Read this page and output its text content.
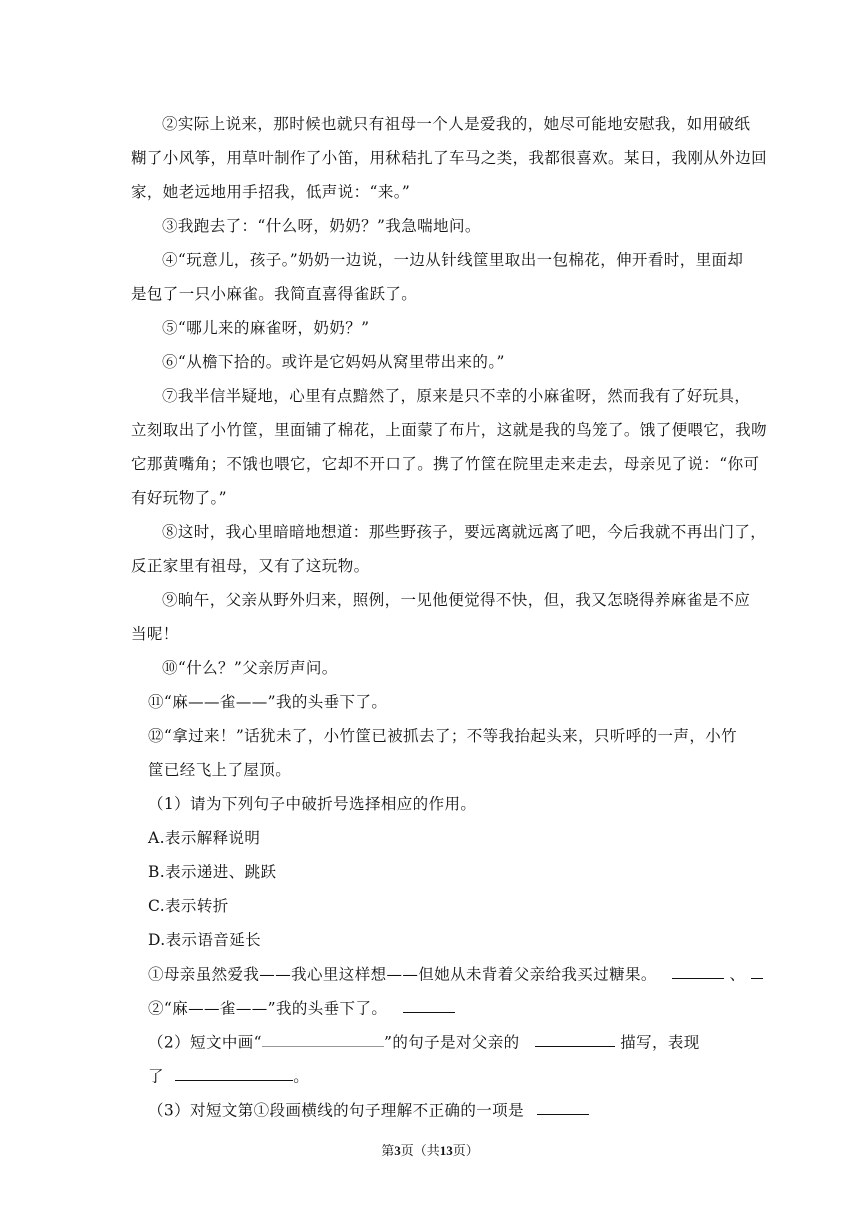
②实际上说来，那时候也就只有祖母一个人是爱我的，她尽可能地安慰我，如用破纸
糊了小风筝，用草叶制作了小笛，用秫秸扎了车马之类，我都很喜欢。某日，我刚从外边回
家，她老远地用手招我，低声说：“来。”
③我跑去了：“什么呀，奶奶？”我急喘地问。
④“玩意儿，孩子。”奶奶一边说，一边从针线筐里取出一包棉花，伸开看时，里面却
是包了一只小麻雀。我简直喜得雀跃了。
⑤“哪儿来的麻雀呀，奶奶？”
⑥“从檐下拾的。或许是它妈妈从窝里带出来的。”
⑦我半信半疑地，心里有点黯然了，原来是只不幸的小麻雀呀，然而我有了好玩具，
立刻取出了小竹筐，里面铺了棉花，上面蒙了布片，这就是我的鸟笼了。饿了便喂它，我吻
它那黄嘴角；不饿也喂它，它却不开口了。携了竹筐在院里走来走去，母亲见了说：“你可
有好玩物了。”
⑧这时，我心里暗暗地想道：那些野孩子，要远离就远离了吧，今后我就不再出门了，
反正家里有祖母，又有了这玩物。
⑨晌午，父亲从野外归来，照例，一见他便觉得不快，但，我又怎晓得养麻雀是不应
当呢！
⑩“什么？”父亲厉声问。
⑪“麻——雀——”我的头垂下了。
⑫“拿过来！”话犹未了，小竹筐已被抓去了；不等我抬起头来，只听呼的一声，小竹
筐已经飞上了屋顶。
（1）请为下列句子中破折号选择相应的作用。
A.表示解释说明
B.表示递进、跳跃
C.表示转折
D.表示语音延长
①母亲虽然爱我——我心里这样想——但她从未背着父亲给我买过糖果。	、
②“麻——雀——”我的头垂下了。
（2）短文中画“	”的句子是对父亲的	描写，表现
了	。
（3）对短文第①段画横线的句子理解不正确的一项是
第3页（共13页）
